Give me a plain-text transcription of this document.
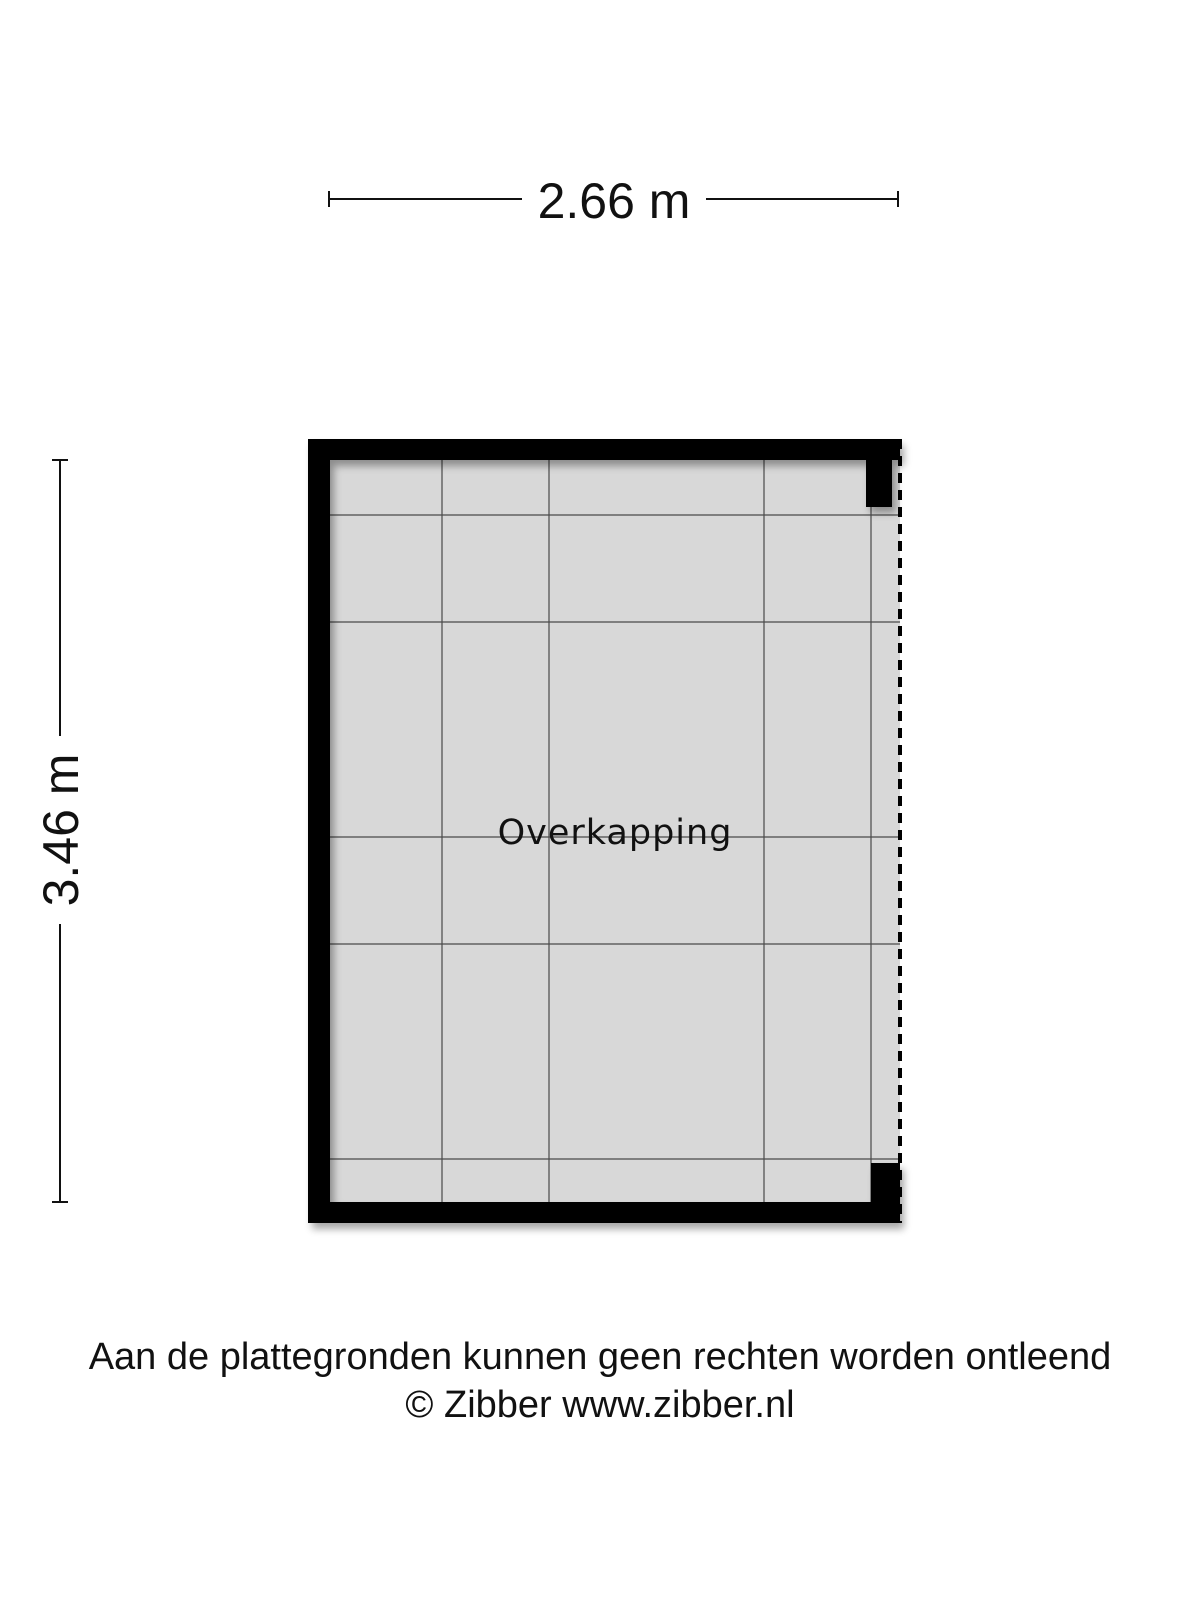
2.66 m
3.46 m	Overkapping
Aan de plattegronden kunnen geen rechten worden ontleend
© Zibber www.zibber.nl
